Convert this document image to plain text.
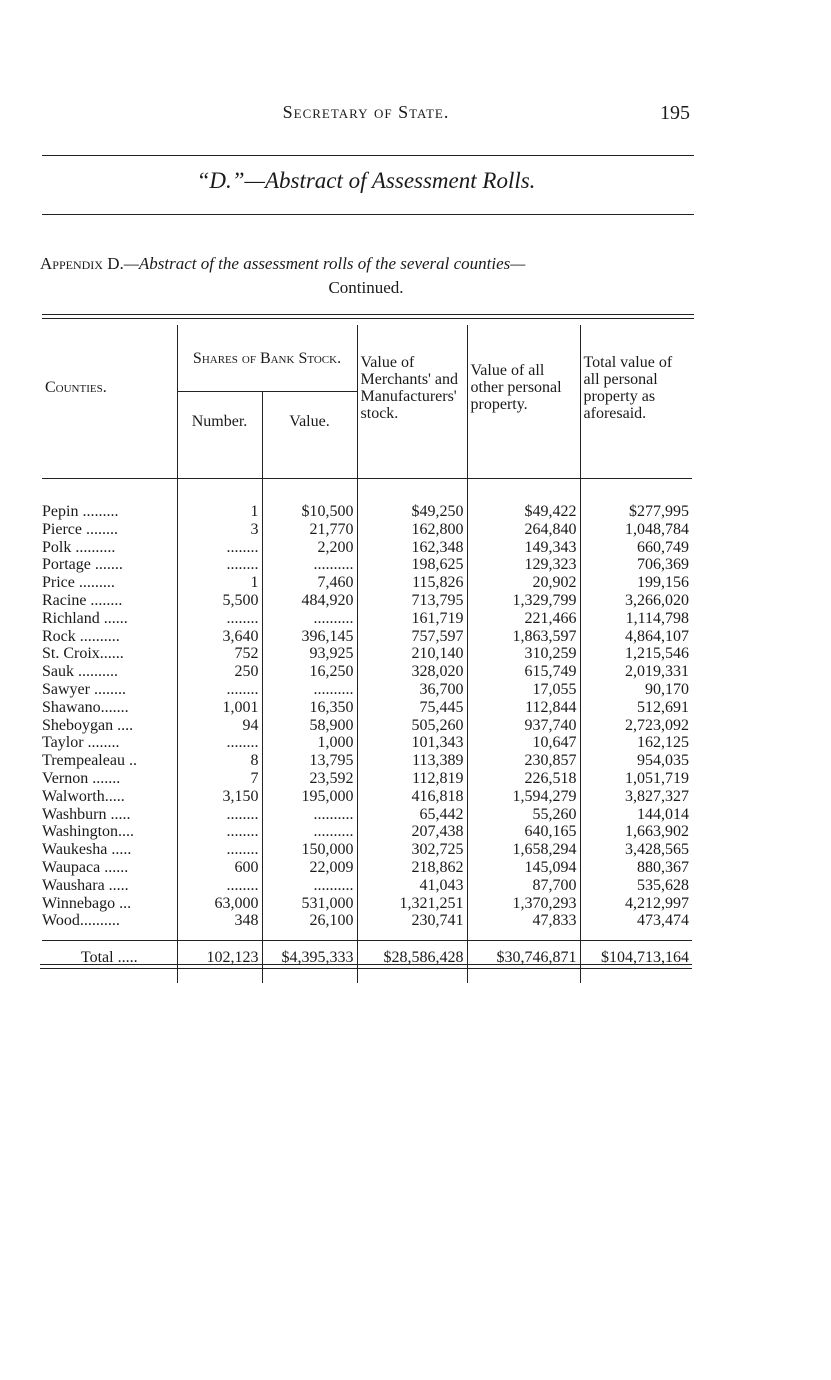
Secretary of State.	195
“D.”—Abstract of Assessment Rolls.
Appendix D.—Abstract of the assessment rolls of the several counties—
Continued.
Counties.	Shares of Bank Stock.		Value of Merchants' and Manufacturers' stock.	Value of all other personal property.	Total value of all personal property as aforesaid.
	Number.	Value.			

Pepin .........	1	$10,500	$49,250	$49,422	$277,995
Pierce ........	3	21,770	162,800	264,840	1,048,784
Polk ..........	........	2,200	162,348	149,343	660,749
Portage .......	........	..........	198,625	129,323	706,369
Price .........	1	7,460	115,826	20,902	199,156
Racine ........	5,500	484,920	713,795	1,329,799	3,266,020
Richland ......	........	..........	161,719	221,466	1,114,798
Rock ..........	3,640	396,145	757,597	1,863,597	4,864,107
St. Croix......	752	93,925	210,140	310,259	1,215,546
Sauk ..........	250	16,250	328,020	615,749	2,019,331
Sawyer ........	........	..........	36,700	17,055	90,170
Shawano.......	1,001	16,350	75,445	112,844	512,691
Sheboygan ....	94	58,900	505,260	937,740	2,723,092
Taylor ........	........	1,000	101,343	10,647	162,125
Trempealeau ..	8	13,795	113,389	230,857	954,035
Vernon .......	7	23,592	112,819	226,518	1,051,719
Walworth.....	3,150	195,000	416,818	1,594,279	3,827,327
Washburn .....	........	..........	65,442	55,260	144,014
Washington....	........	..........	207,438	640,165	1,663,902
Waukesha .....	........	150,000	302,725	1,658,294	3,428,565
Waupaca ......	600	22,009	218,862	145,094	880,367
Waushara .....	........	..........	41,043	87,700	535,628
Winnebago ...	63,000	531,000	1,321,251	1,370,293	4,212,997
Wood..........	348	26,100	230,741	47,833	473,474

Total .....	102,123	$4,395,333	$28,586,428	$30,746,871	$104,713,164
